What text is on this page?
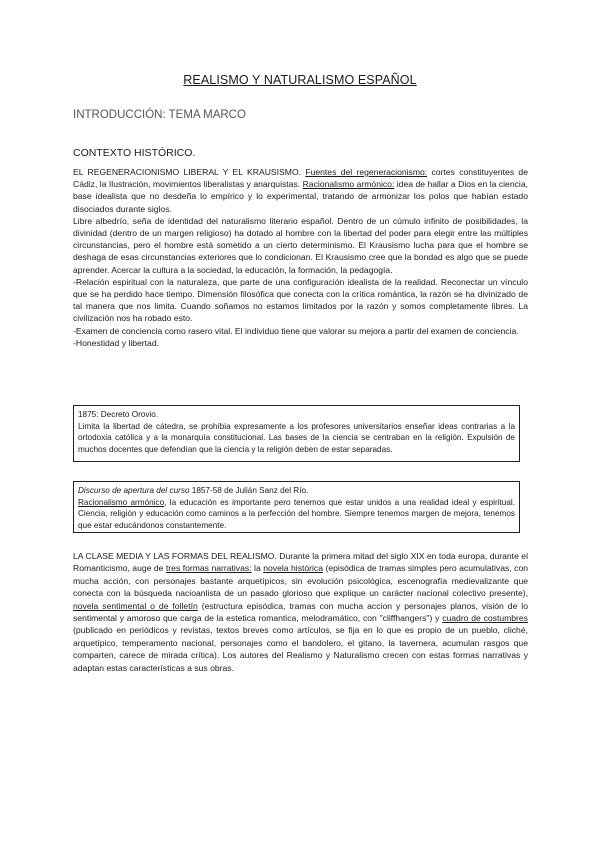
REALISMO Y NATURALISMO ESPAÑOL
INTRODUCCIÓN: TEMA MARCO
CONTEXTO HISTÓRICO.

EL REGENERACIONISMO LIBERAL Y EL KRAUSISMO. Fuentes del regeneracionismo: cortes constituyentes de Cádiz, la Ilustración, movimientos liberalistas y anarquistas. Racionalismo armónico: idea de hallar a Dios en la ciencia, base idealista que no desdeña lo empírico y lo experimental, tratando de armonizar los polos que habían estado disociados durante siglos.

Libre albedrío, seña de identidad del naturalismo literario español. Dentro de un cúmulo infinito de posibilidades, la divinidad (dentro de un margen religioso) ha dotado al hombre con la libertad del poder para elegir entre las múltiples circunstancias, pero el hombre está sometido a un cierto determinismo. El Krausismo lucha para que el hombre se deshaga de esas circunstancias exteriores que lo condicionan. El Krausismo cree que la bondad es algo que se puede aprender. Acercar la cultura a la sociedad, la educación, la formación, la pedagogía.

-Relación espiritual con la naturaleza, que parte de una configuración idealista de la realidad. Reconectar un vínculo que se ha perdido hace tiempo. Dimensión filosófica que conecta con la crítica romántica, la razón se ha divinizado de tal manera que nos limita. Cuando soñamos no estamos limitados por la razón y somos completamente libres. La civilización nos ha robado esto.

-Examen de conciencia como rasero vital. El individuo tiene que valorar su mejora a partir del examen de conciencia.

-Honestidad y libertad.

1875: Decreto Orovio.

Limita la libertad de cátedra, se prohíbia expresamente a los profesores universitarios enseñar ideas contrarias a la ortodoxia católica y a la monarquía constitucional. Las bases de la ciencia se centraban en la religión. Expulsión de muchos docentes que defendían que la ciencia y la religión deben de estar separadas.

Discurso de apertura del curso 1857-58 de Julián Sanz del Río.

Racionalismo armónico, la educación es importante pero tenemos que estar unidos a una realidad ideal y espiritual. Ciencia, religión y educación como caminos a la perfección del hombre. Siempre tenemos margen de mejora, tenemos que estar educándonos constantemente.

LA CLASE MEDIA Y LAS FORMAS DEL REALISMO. Durante la primera mitad del siglo XIX en toda europa, durante el Romanticismo, auge de tres formas narrativas: la novela histórica (episódica de tramas simples pero acumulativas, con mucha acción, con personajes bastante arquetípicos, sin evolución psicológica, escenografía medievalizante que conecta con la búsqueda nacioanlista de un pasado glorioso que explique un carácter nacional colectivo presente), novela sentimental o de folletín (estructura episódica, tramas con mucha accion y personajes planos, visión de lo sentimental y amoroso que carga de la estetica romantica, melodramático, con "cliffhangers") y cuadro de costumbres (publicado en periódicos y revistas, textos breves como artículos, se fija en lo que es propio de un pueblo, cliché, arquetípico, temperamento nacional, personajes como el bandolero, el gitano, la tavernera, acumulan rasgos que comparten, carece de mirada crítica). Los autores del Realismo y Naturalismo crecen con estas formas narrativas y adaptan estas características a sus obras.
